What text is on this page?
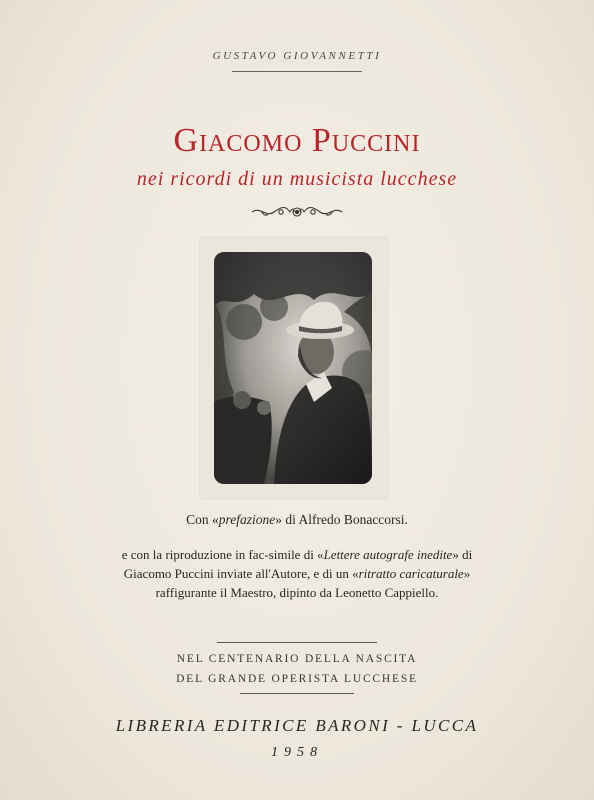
GUSTAVO GIOVANNETTI
Giacomo Puccini
nei ricordi di un musicista lucchese
Con «prefazione» di Alfredo Bonaccorsi.
e con la riproduzione in fac-simile di «Lettere autografe inedite» di Giacomo Puccini inviate all'Autore, e di un «ritratto caricaturale» raffigurante il Maestro, dipinto da Leonetto Cappiello.
NEL CENTENARIO DELLA NASCITA
DEL GRANDE OPERISTA LUCCHESE
LIBRERIA EDITRICE BARONI - LUCCA
1958
